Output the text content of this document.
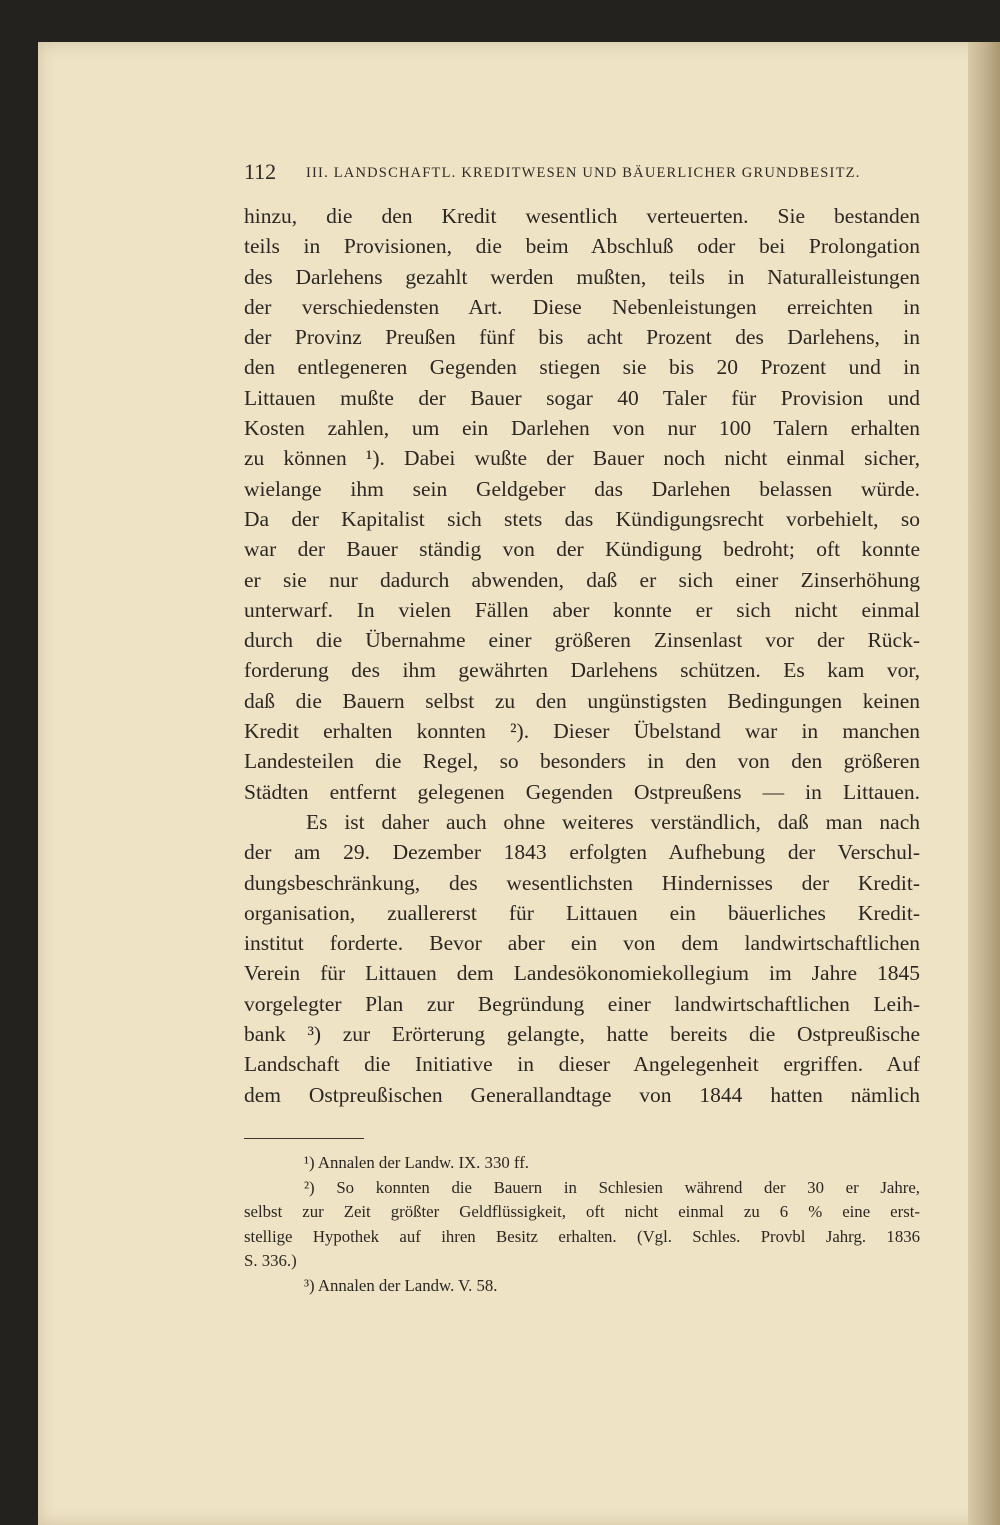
112 III. LANDSCHAFTL. KREDITWESEN UND BÄUERLICHER GRUNDBESITZ.
hinzu, die den Kredit wesentlich verteuerten. Sie bestanden
teils in Provisionen, die beim Abschluß oder bei Prolongation
des Darlehens gezahlt werden mußten, teils in Naturalleistungen
der verschiedensten Art. Diese Nebenleistungen erreichten in
der Provinz Preußen fünf bis acht Prozent des Darlehens, in
den entlegeneren Gegenden stiegen sie bis 20 Prozent und in
Littauen mußte der Bauer sogar 40 Taler für Provision und
Kosten zahlen, um ein Darlehen von nur 100 Talern erhalten
zu können ¹). Dabei wußte der Bauer noch nicht einmal sicher,
wielange ihm sein Geldgeber das Darlehen belassen würde.
Da der Kapitalist sich stets das Kündigungsrecht vorbehielt, so
war der Bauer ständig von der Kündigung bedroht; oft konnte
er sie nur dadurch abwenden, daß er sich einer Zinserhöhung
unterwarf. In vielen Fällen aber konnte er sich nicht einmal
durch die Übernahme einer größeren Zinsenlast vor der Rück-
forderung des ihm gewährten Darlehens schützen. Es kam vor,
daß die Bauern selbst zu den ungünstigsten Bedingungen keinen
Kredit erhalten konnten ²). Dieser Übelstand war in manchen
Landesteilen die Regel, so besonders in den von den größeren
Städten entfernt gelegenen Gegenden Ostpreußens — in Littauen.
Es ist daher auch ohne weiteres verständlich, daß man nach
der am 29. Dezember 1843 erfolgten Aufhebung der Verschul-
dungsbeschränkung, des wesentlichsten Hindernisses der Kredit-
organisation, zuallererst für Littauen ein bäuerliches Kredit-
institut forderte. Bevor aber ein von dem landwirtschaftlichen
Verein für Littauen dem Landesökonomiekollegium im Jahre 1845
vorgelegter Plan zur Begründung einer landwirtschaftlichen Leih-
bank ³) zur Erörterung gelangte, hatte bereits die Ostpreußische
Landschaft die Initiative in dieser Angelegenheit ergriffen. Auf
dem Ostpreußischen Generallandtage von 1844 hatten nämlich
¹) Annalen der Landw. IX. 330 ff.
²) So konnten die Bauern in Schlesien während der 30 er Jahre,
selbst zur Zeit größter Geldflüssigkeit, oft nicht einmal zu 6 % eine erst-
stellige Hypothek auf ihren Besitz erhalten. (Vgl. Schles. Provbl Jahrg. 1836
S. 336.)
³) Annalen der Landw. V. 58.
